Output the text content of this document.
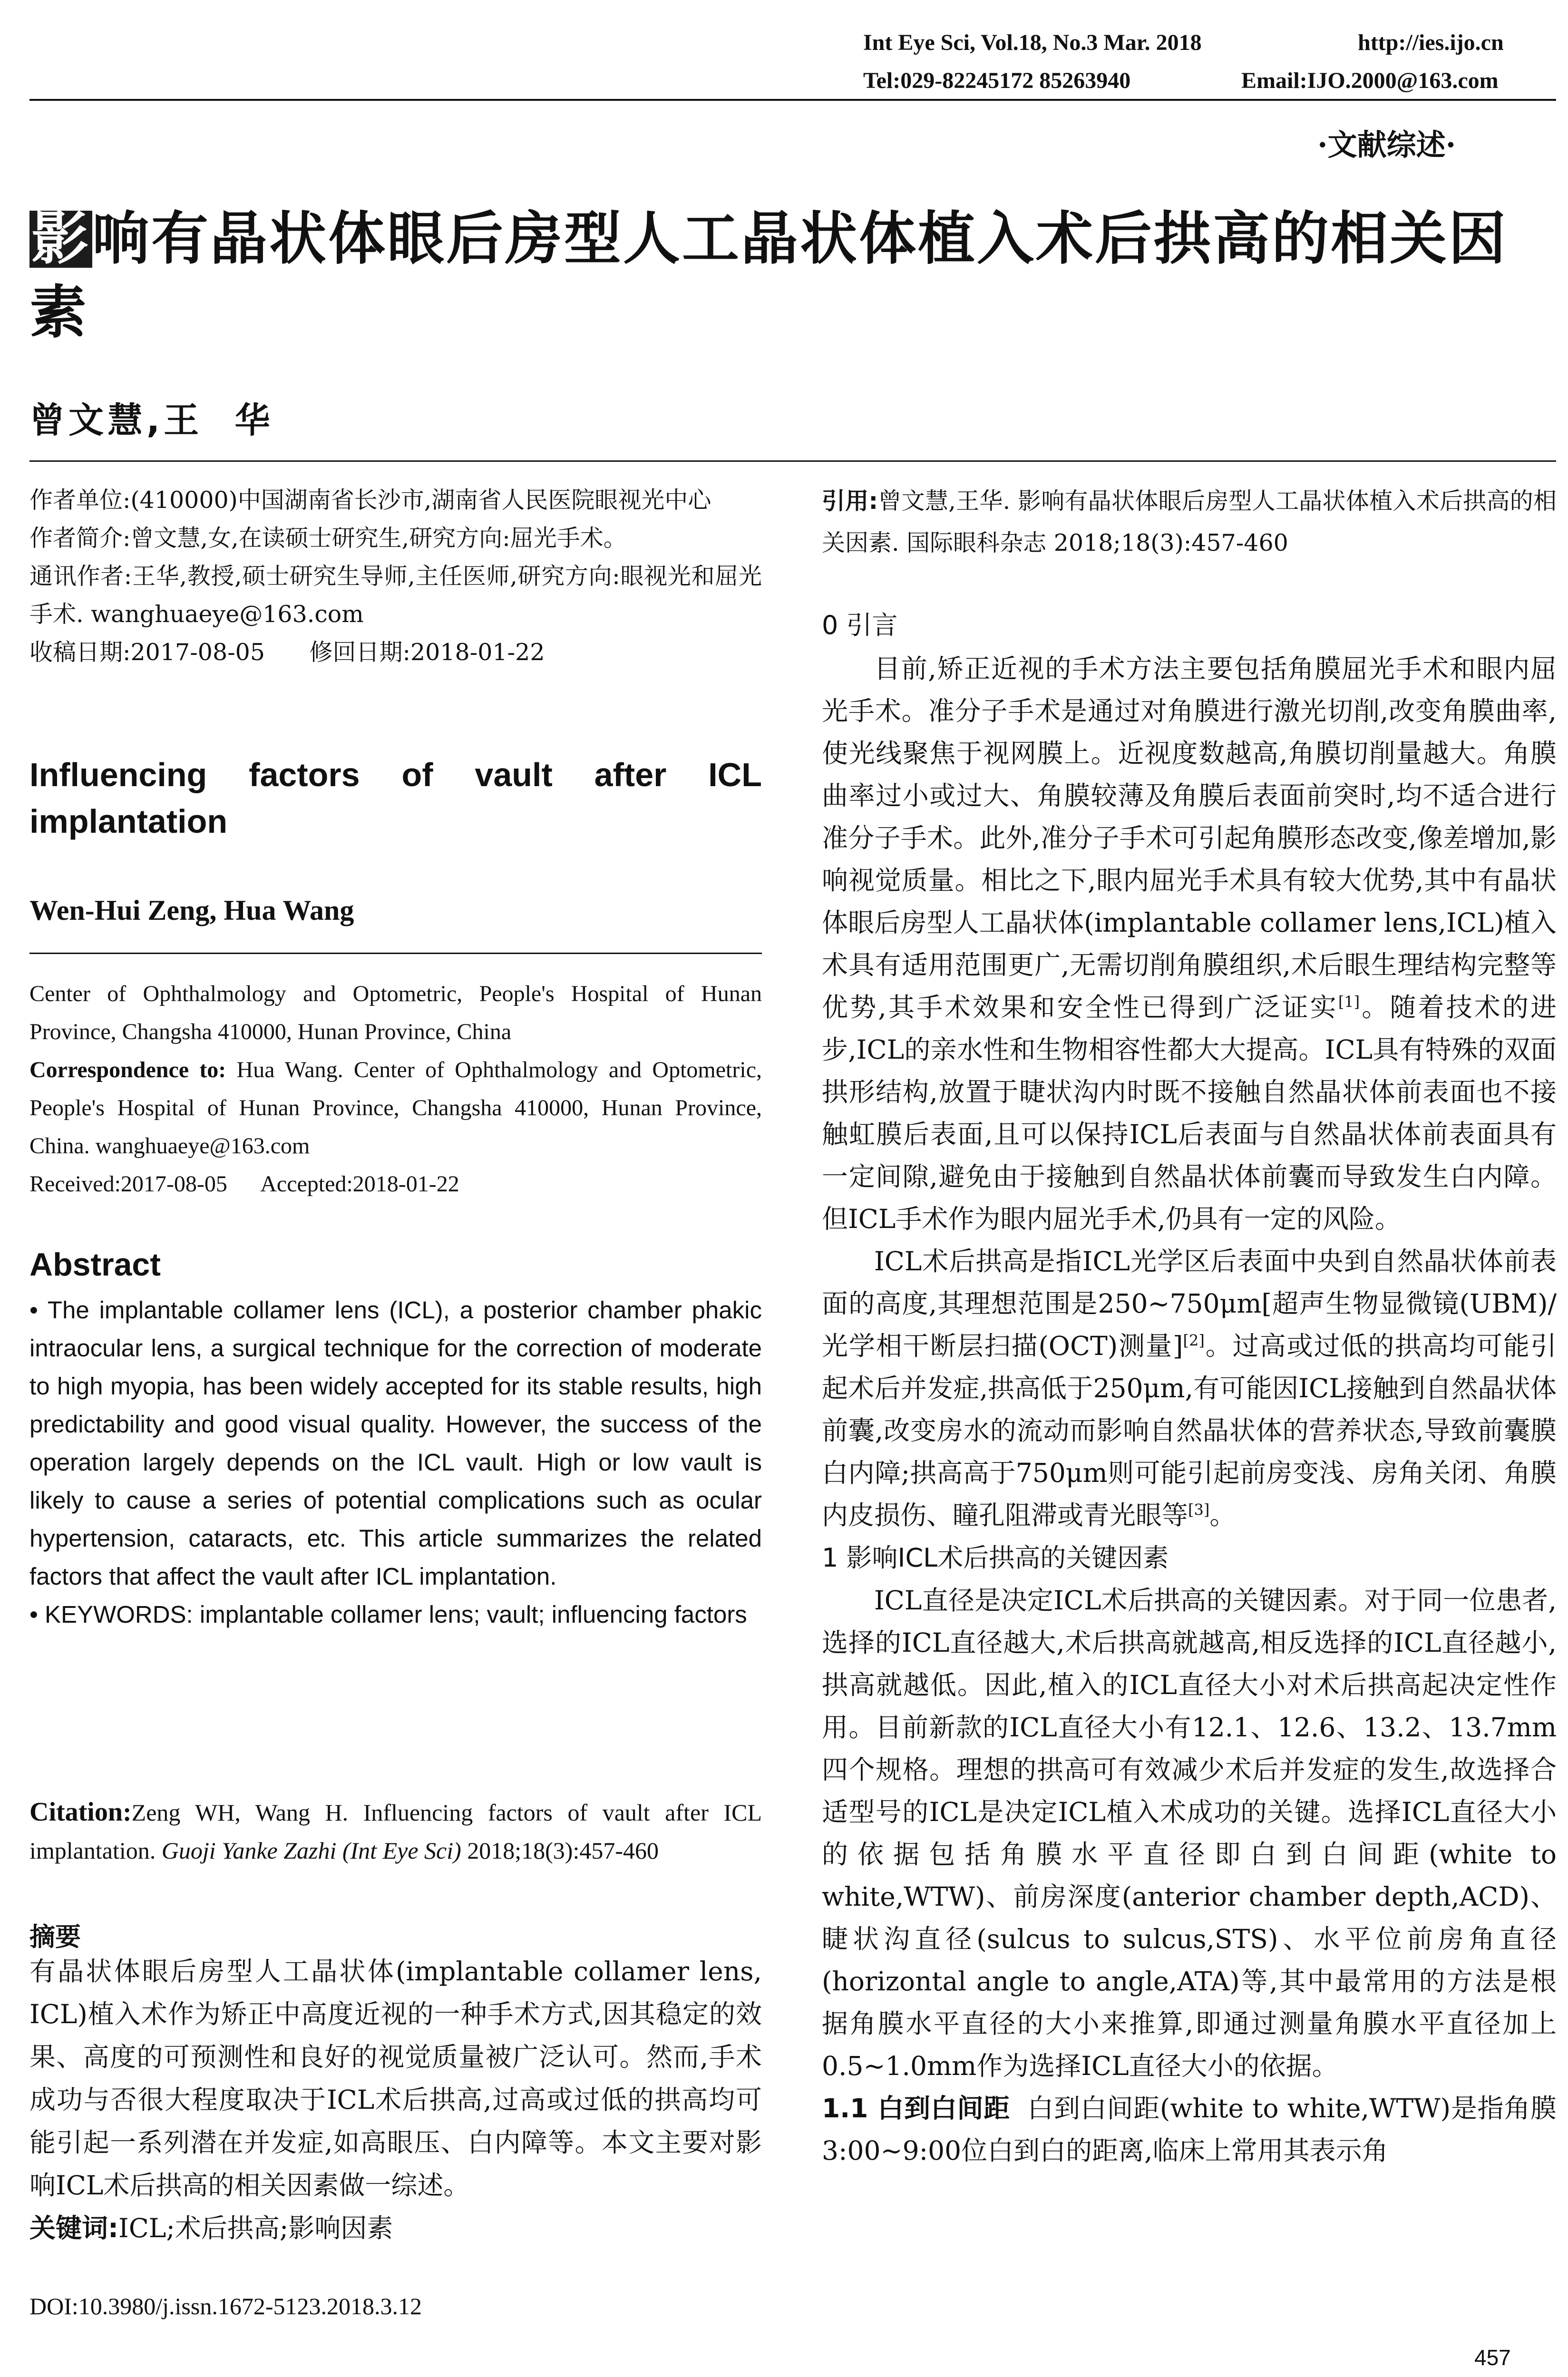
Int Eye Sci, Vol.18, No.3 Mar. 2018	http://ies.ijo.cn
Tel:029-82245172 85263940	Email:IJO.2000@163.com
·文献综述·
影响有晶状体眼后房型人工晶状体植入术后拱高的相关因素
曾文慧,王  华

作者单位:(410000)中国湖南省长沙市,湖南省人民医院眼视光中心

作者简介:曾文慧,女,在读硕士研究生,研究方向:屈光手术。

通讯作者:王华,教授,硕士研究生导师,主任医师,研究方向:眼视光和屈光手术. wanghuaeye@163.com

收稿日期:2017-08-05      修回日期:2018-01-22

Influencing factors of vault after ICL implantation
Wen-Hui Zeng, Hua Wang

Center of Ophthalmology and Optometric, People's Hospital of Hunan Province, Changsha 410000, Hunan Province, China

Correspondence to: Hua Wang. Center of Ophthalmology and Optometric, People's Hospital of Hunan Province, Changsha 410000, Hunan Province, China. wanghuaeye@163.com

Received:2017-08-05      Accepted:2018-01-22

Abstract

• The implantable collamer lens (ICL), a posterior chamber phakic intraocular lens, a surgical technique for the correction of moderate to high myopia, has been widely accepted for its stable results, high predictability and good visual quality. However, the success of the operation largely depends on the ICL vault. High or low vault is likely to cause a series of potential complications such as ocular hypertension, cataracts, etc. This article summarizes the related factors that affect the vault after ICL implantation.

• KEYWORDS: implantable collamer lens; vault; influencing factors

Citation:Zeng WH, Wang H. Influencing factors of vault after ICL implantation. Guoji Yanke Zazhi (Int Eye Sci) 2018;18(3):457-460
摘要

有晶状体眼后房型人工晶状体(implantable collamer lens, ICL)植入术作为矫正中高度近视的一种手术方式,因其稳定的效果、高度的可预测性和良好的视觉质量被广泛认可。然而,手术成功与否很大程度取决于ICL术后拱高,过高或过低的拱高均可能引起一系列潜在并发症,如高眼压、白内障等。本文主要对影响ICL术后拱高的相关因素做一综述。

关键词:ICL;术后拱高;影响因素

DOI:10.3980/j.issn.1672-5123.2018.3.12
引用:曾文慧,王华. 影响有晶状体眼后房型人工晶状体植入术后拱高的相关因素. 国际眼科杂志 2018;18(3):457-460
0 引言

目前,矫正近视的手术方法主要包括角膜屈光手术和眼内屈光手术。准分子手术是通过对角膜进行激光切削,改变角膜曲率,使光线聚焦于视网膜上。近视度数越高,角膜切削量越大。角膜曲率过小或过大、角膜较薄及角膜后表面前突时,均不适合进行准分子手术。此外,准分子手术可引起角膜形态改变,像差增加,影响视觉质量。相比之下,眼内屈光手术具有较大优势,其中有晶状体眼后房型人工晶状体(implantable collamer lens,ICL)植入术具有适用范围更广,无需切削角膜组织,术后眼生理结构完整等优势,其手术效果和安全性已得到广泛证实[1]。随着技术的进步,ICL的亲水性和生物相容性都大大提高。ICL具有特殊的双面拱形结构,放置于睫状沟内时既不接触自然晶状体前表面也不接触虹膜后表面,且可以保持ICL后表面与自然晶状体前表面具有一定间隙,避免由于接触到自然晶状体前囊而导致发生白内障。但ICL手术作为眼内屈光手术,仍具有一定的风险。

ICL术后拱高是指ICL光学区后表面中央到自然晶状体前表面的高度,其理想范围是250~750μm[超声生物显微镜(UBM)/光学相干断层扫描(OCT)测量][2]。过高或过低的拱高均可能引起术后并发症,拱高低于250μm,有可能因ICL接触到自然晶状体前囊,改变房水的流动而影响自然晶状体的营养状态,导致前囊膜白内障;拱高高于750μm则可能引起前房变浅、房角关闭、角膜内皮损伤、瞳孔阻滞或青光眼等[3]。

1 影响ICL术后拱高的关键因素

ICL直径是决定ICL术后拱高的关键因素。对于同一位患者,选择的ICL直径越大,术后拱高就越高,相反选择的ICL直径越小,拱高就越低。因此,植入的ICL直径大小对术后拱高起决定性作用。目前新款的ICL直径大小有12.1、12.6、13.2、13.7mm四个规格。理想的拱高可有效减少术后并发症的发生,故选择合适型号的ICL是决定ICL植入术成功的关键。选择ICL直径大小的依据包括角膜水平直径即白到白间距(white to white,WTW)、前房深度(anterior chamber depth,ACD)、睫状沟直径(sulcus to sulcus,STS)、水平位前房角直径(horizontal angle to angle,ATA)等,其中最常用的方法是根据角膜水平直径的大小来推算,即通过测量角膜水平直径加上0.5~1.0mm作为选择ICL直径大小的依据。

1.1 白到白间距 白到白间距(white to white,WTW)是指角膜3:00~9:00位白到白的距离,临床上常用其表示角

457
